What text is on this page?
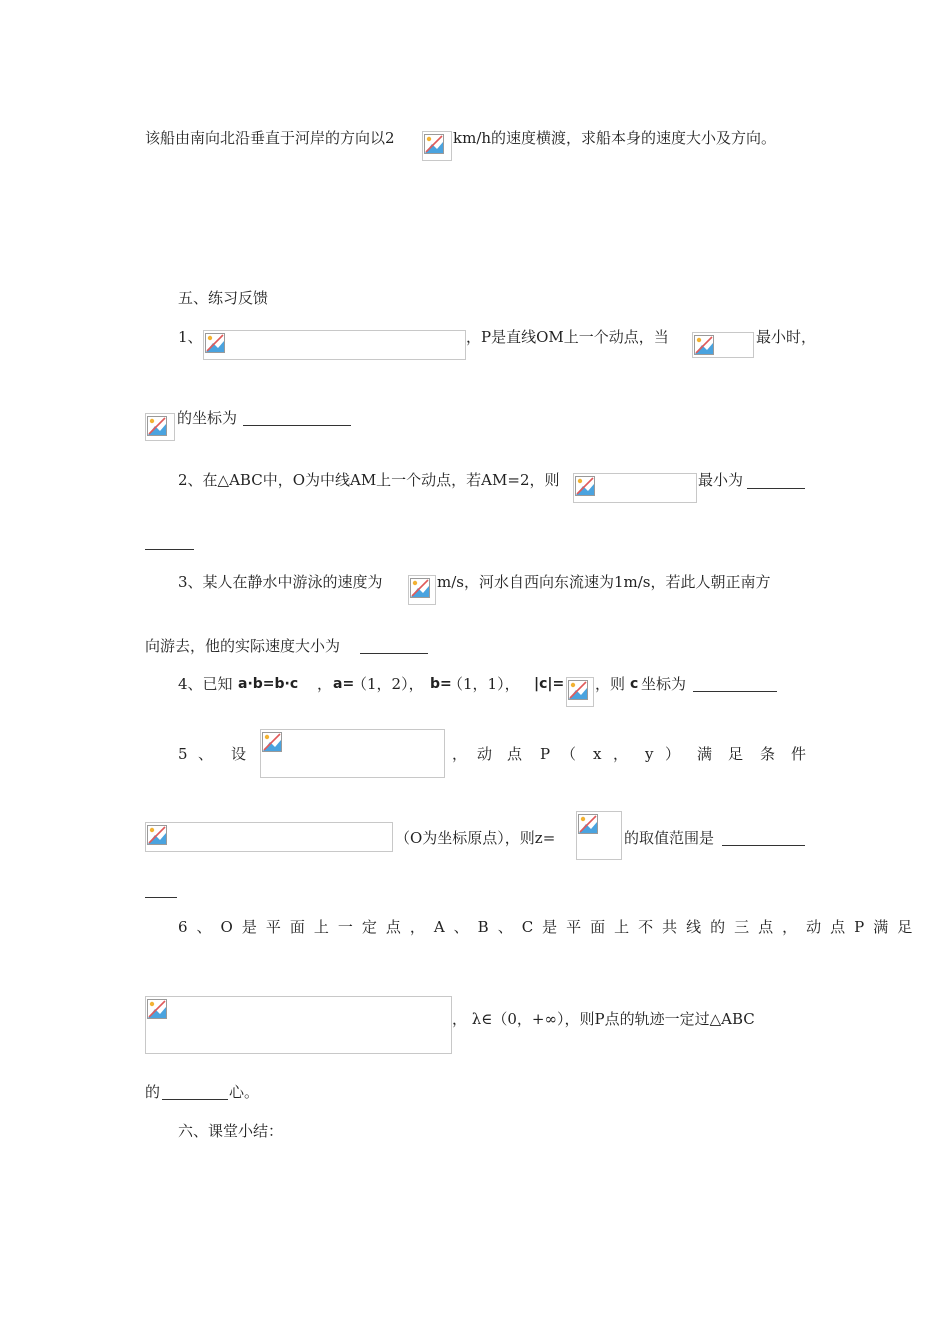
该船由南向北沿垂直于河岸的方向以2	km/h的速度横渡，求船本身的速度大小及方向。
五、练习反馈
1、	，P是直线OM上一个动点，当	最小时，
的坐标为
2、在△ABC中，O为中线AM上一个动点，若AM=2，则	最小为
3、某人在静水中游泳的速度为	m/s，河水自西向东流速为1m/s，若此人朝正南方
向游去，他的实际速度大小为
4、已知 a·b=b·c ， a=
（1，2）， b=
（1，1）， |c|= ，则 c 坐标为
5 、 设	， 动 点 P （ x ， y ） 满 足 条 件
（O为坐标原点），则z=	的取值范围是
6、O是平面上一定点，A、B、C是平面上不共线的三点，动点P满足
， λ∈（0，+∞），则P点的轨迹一定过△ABC
的	心。
六、课堂小结：
